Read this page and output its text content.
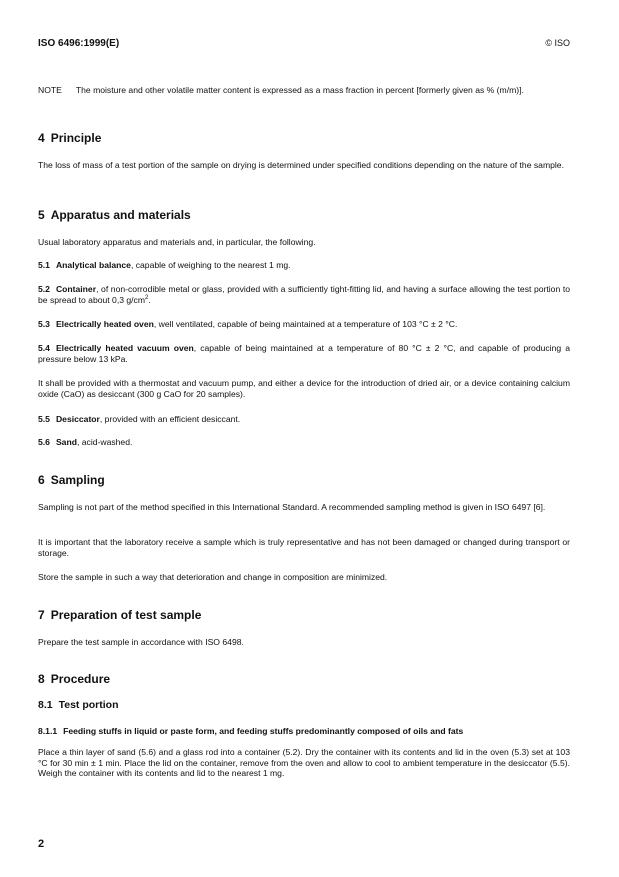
ISO 6496:1999(E)	© ISO
NOTE The moisture and other volatile matter content is expressed as a mass fraction in percent [formerly given as % (m/m)].
4 Principle
The loss of mass of a test portion of the sample on drying is determined under specified conditions depending on the nature of the sample.
5 Apparatus and materials
Usual laboratory apparatus and materials and, in particular, the following.
5.1 Analytical balance, capable of weighing to the nearest 1 mg.
5.2 Container, of non-corrodible metal or glass, provided with a sufficiently tight-fitting lid, and having a surface allowing the test portion to be spread to about 0,3 $g/cm^2$.
5.3 Electrically heated oven, well ventilated, capable of being maintained at a temperature of 103 °C ± 2 °C.
5.4 Electrically heated vacuum oven, capable of being maintained at a temperature of 80 °C ± 2 °C, and capable of producing a pressure below 13 kPa.
It shall be provided with a thermostat and vacuum pump, and either a device for the introduction of dried air, or a device containing calcium oxide (CaO) as desiccant (300 g CaO for 20 samples).
5.5 Desiccator, provided with an efficient desiccant.
5.6 Sand, acid-washed.
6 Sampling
Sampling is not part of the method specified in this International Standard. A recommended sampling method is given in ISO 6497 [6].
It is important that the laboratory receive a sample which is truly representative and has not been damaged or changed during transport or storage.
Store the sample in such a way that deterioration and change in composition are minimized.
7 Preparation of test sample
Prepare the test sample in accordance with ISO 6498.
8 Procedure
8.1 Test portion
8.1.1 Feeding stuffs in liquid or paste form, and feeding stuffs predominantly composed of oils and fats
Place a thin layer of sand (5.6) and a glass rod into a container (5.2). Dry the container with its contents and lid in the oven (5.3) set at 103 °C for 30 min ± 1 min. Place the lid on the container, remove from the oven and allow to cool to ambient temperature in the desiccator (5.5). Weigh the container with its contents and lid to the nearest 1 mg.
2
